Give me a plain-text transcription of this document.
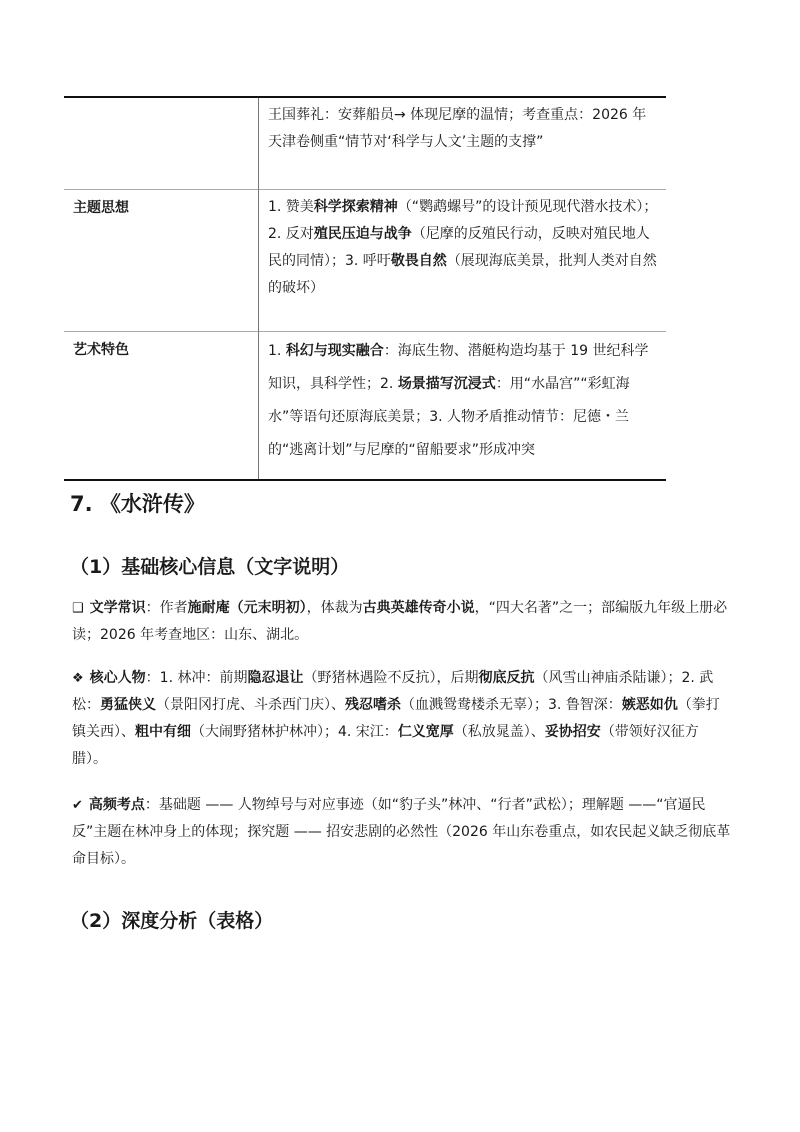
	王国葬礼：安葬船员→ 体现尼摩的温情；考查重点：2026 年天津卷侧重“情节对‘科学与人文’主题的支撑”
主题思想	1. 赞美科学探索精神（“鹦鹉螺号”的设计预见现代潜水技术）；2. 反对殖民压迫与战争（尼摩的反殖民行动，反映对殖民地人民的同情）；3. 呼吁敬畏自然（展现海底美景，批判人类对自然的破坏）
艺术特色	1. 科幻与现实融合：海底生物、潜艇构造均基于 19 世纪科学知识，具科学性；2. 场景描写沉浸式：用“水晶宫”“彩虹海水”等语句还原海底美景；3. 人物矛盾推动情节：尼德・兰的“逃离计划”与尼摩的“留船要求”形成冲突
7. 《水浒传》
（1）基础核心信息（文字说明）

❑ 文学常识：作者施耐庵（元末明初），体裁为古典英雄传奇小说，“四大名著”之一；部编版九年级上册必读；2026 年考查地区：山东、湖北。

❖ 核心人物：1. 林冲：前期隐忍退让（野猪林遇险不反抗），后期彻底反抗（风雪山神庙杀陆谦）；2. 武松：勇猛侠义（景阳冈打虎、斗杀西门庆）、残忍嗜杀（血溅鸳鸯楼杀无辜）；3. 鲁智深：嫉恶如仇（拳打镇关西）、粗中有细（大闹野猪林护林冲）；4. 宋江：仁义宽厚（私放晁盖）、妥协招安（带领好汉征方腊）。

✔ 高频考点：基础题 —— 人物绰号与对应事迹（如“豹子头”林冲、“行者”武松）；理解题 ——“官逼民反”主题在林冲身上的体现；探究题 —— 招安悲剧的必然性（2026 年山东卷重点，如农民起义缺乏彻底革命目标）。

（2）深度分析（表格）
